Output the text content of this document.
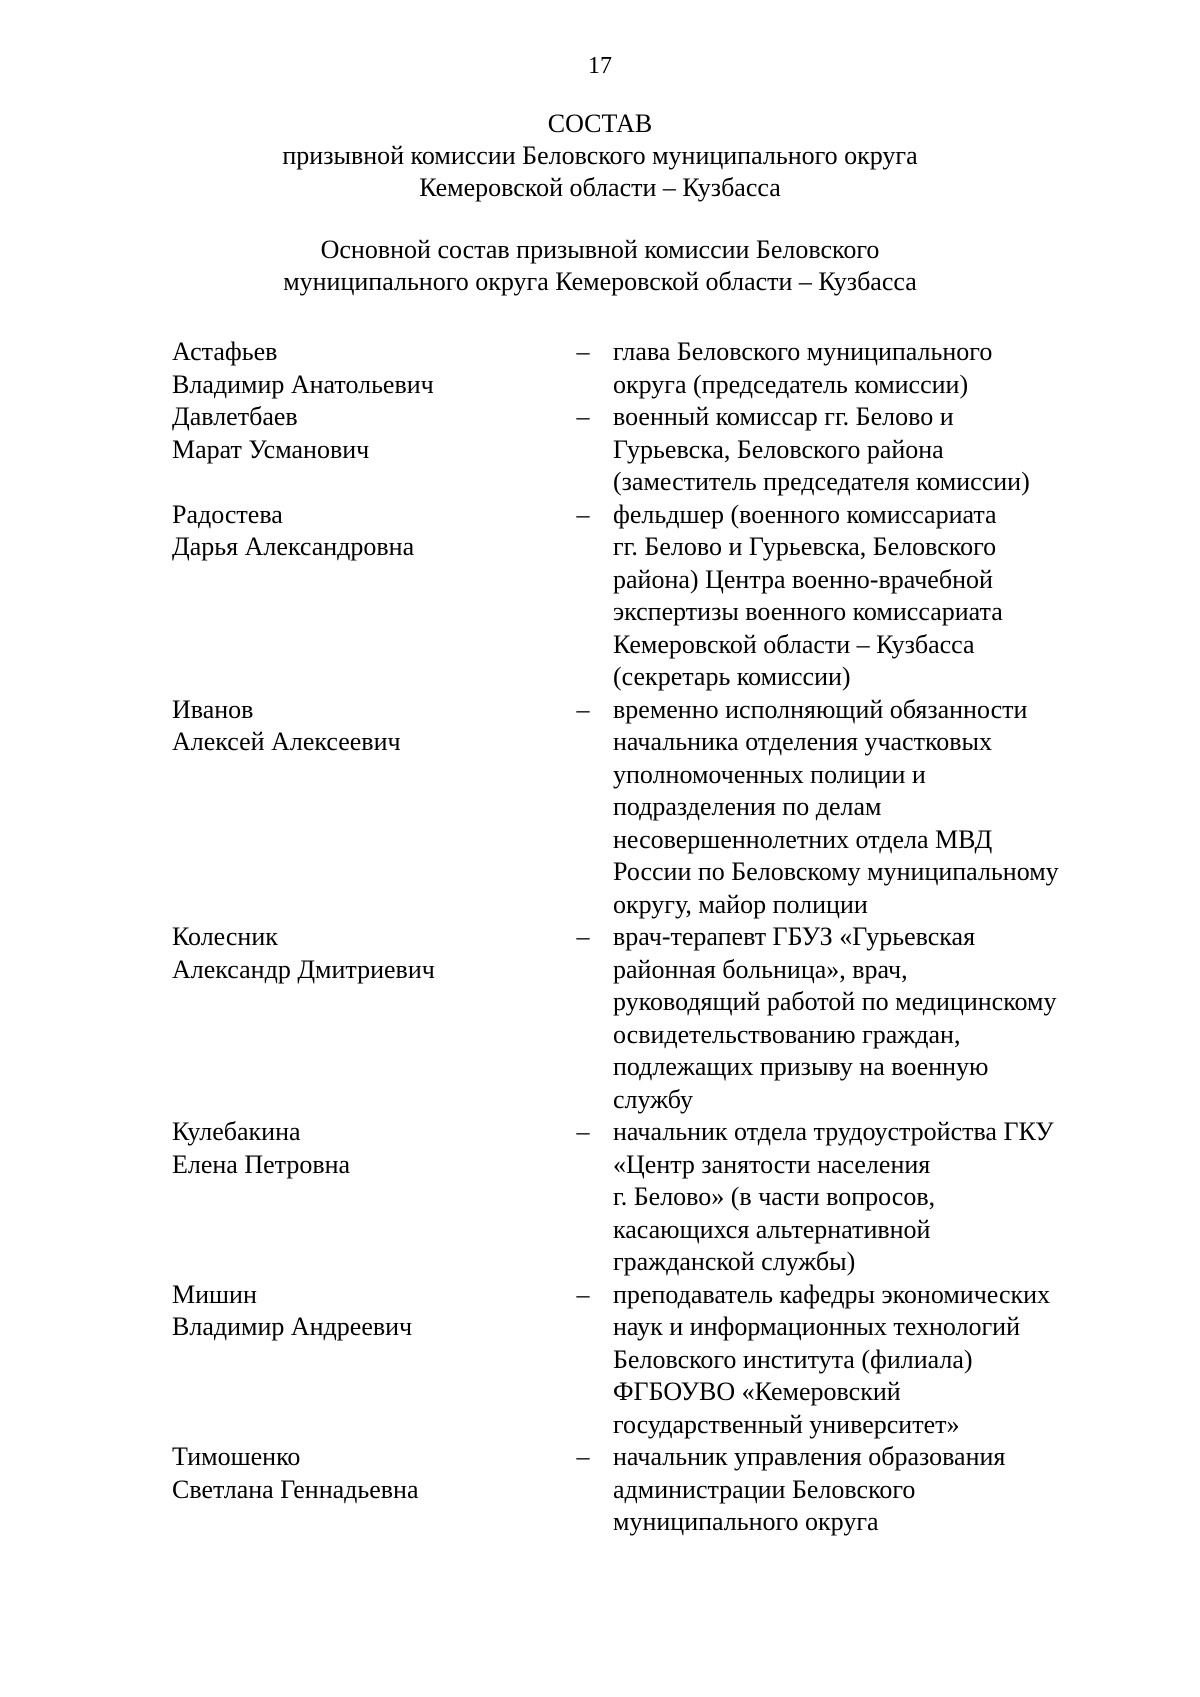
17
СОСТАВ
призывной комиссии Беловского муниципального округа
Кемеровской области – Кузбасса
Основной состав призывной комиссии Беловского
муниципального округа Кемеровской области – Кузбасса
Астафьев
Владимир Анатольевич
– глава Беловского муниципального
округа (председатель комиссии)
Давлетбаев
Марат Усманович
– военный комиссар гг. Белово и
Гурьевска, Беловского района
(заместитель председателя комиссии)
Радостева
Дарья Александровна
– фельдшер (военного комиссариата
гг. Белово и Гурьевска, Беловского
района) Центра военно-врачебной
экспертизы военного комиссариата
Кемеровской области – Кузбасса
(секретарь комиссии)
Иванов
Алексей Алексеевич
– временно исполняющий обязанности
начальника отделения участковых
уполномоченных полиции и
подразделения по делам
несовершеннолетних отдела МВД
России по Беловскому муниципальному
округу, майор полиции
Колесник
Александр Дмитриевич
– врач-терапевт ГБУЗ «Гурьевская
районная больница», врач,
руководящий работой по медицинскому
освидетельствованию граждан,
подлежащих призыву на военную
службу
Кулебакина
Елена Петровна
– начальник отдела трудоустройства ГКУ
«Центр занятости населения
г. Белово» (в части вопросов,
касающихся альтернативной
гражданской службы)
Мишин
Владимир Андреевич
– преподаватель кафедры экономических
наук и информационных технологий
Беловского института (филиала)
ФГБОУВО «Кемеровский
государственный университет»
Тимошенко
Светлана Геннадьевна
– начальник управления образования
администрации Беловского
муниципального округа
